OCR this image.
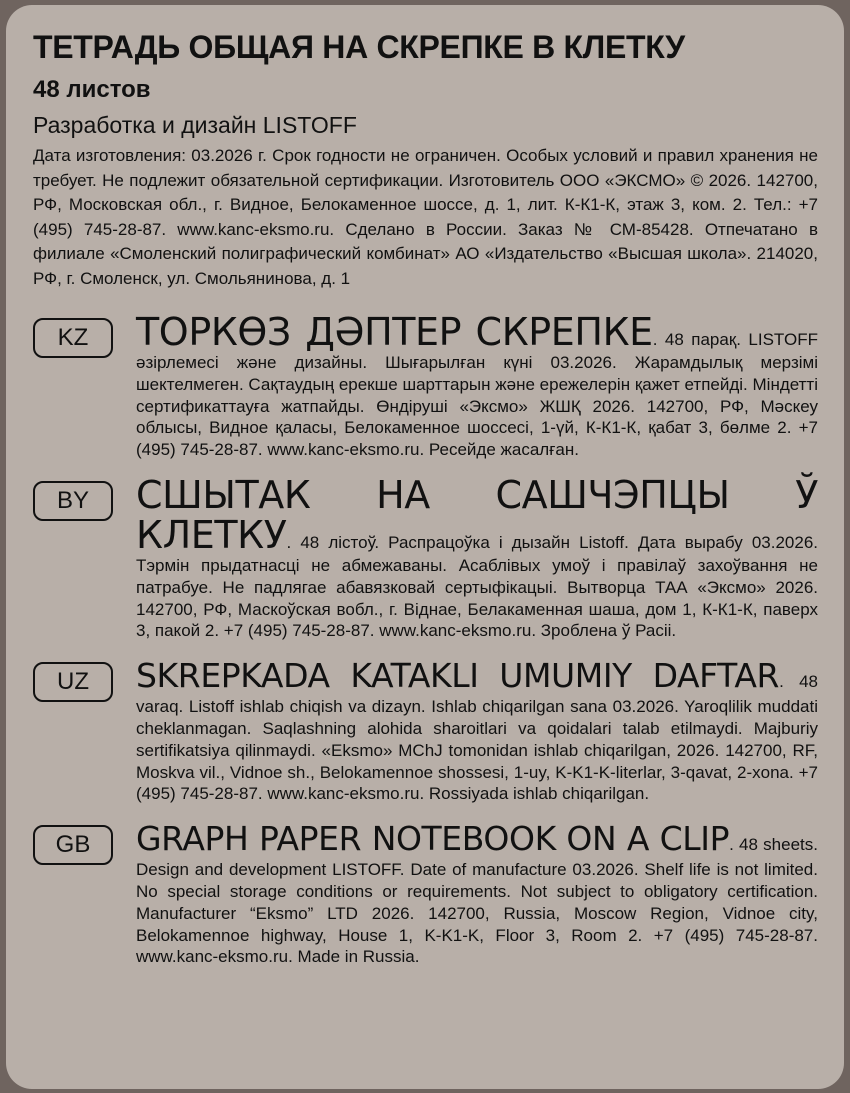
ТЕТРАДЬ ОБЩАЯ НА СКРЕПКЕ В КЛЕТКУ
48 листов
Разработка и дизайн LISTOFF
Дата изготовления: 03.2026 г. Срок годности не ограничен. Особых условий и правил хранения не требует. Не подлежит обязательной сертификации. Изготовитель ООО «ЭКСМО» © 2026. 142700, РФ, Московская обл., г. Видное, Белокаменное шоссе, д. 1, лит. К-К1-К, этаж 3, ком. 2. Тел.: +7 (495) 745-28-87. www.kanc-eksmo.ru. Сделано в России. Заказ № СМ-85428. Отпечатано в филиале «Смоленский полиграфический комбинат» АО «Издательство «Высшая школа». 214020, РФ, г. Смоленск, ул. Смольянинова, д. 1
KZ	ТОРКӨЗ ДӘПТЕР СКРЕПКЕ. 48 парақ. LISTOFF әзірлемесі және дизайны. Шығарылған күні 03.2026. Жарамдылық мерзімі шектелмеген. Сақтаудың ерекше шарттарын және ережелерін қажет етпейді. Міндетті сертификаттауға жатпайды. Өндіруші «Эксмо» ЖШҚ 2026. 142700, РФ, Мәскеу облысы, Видное қаласы, Белокаменное шоссесі, 1-үй, К-К1-К, қабат 3, бөлме 2. +7 (495) 745-28-87. www.kanc-eksmo.ru. Ресейде жасалған.
BY	СШЫТАК НА САШЧЭПЦЫ Ў КЛЕТКУ. 48 лістоў. Распрацоўка і дызайн Listoff. Дата вырабу 03.2026. Тэрмін прыдатнасці не абмежаваны. Асаблівых умоў і правілаў захоўвання не патрабуе. Не падлягае абавязковай сертыфікацыі. Вытворца ТАА «Эксмо» 2026. 142700, РФ, Маскоўская вобл., г. Віднае, Белакаменная шаша, дом 1, К-К1-К, паверх 3, пакой 2. +7 (495) 745-28-87. www.kanc-eksmo.ru. Зроблена ў Расіі.
UZ	SKREPKADA KATAKLI UMUMIY DAFTAR. 48 varaq. Listoff ishlab chiqish va dizayn. Ishlab chiqarilgan sana 03.2026. Yaroqlilik muddati cheklanmagan. Saqlashning alohida sharoitlari va qoidalari talab etilmaydi. Majburiy sertifikatsiya qilinmaydi. «Eksmo» MChJ tomonidan ishlab chiqarilgan, 2026. 142700, RF, Moskva vil., Vidnoe sh., Belokamennoe shossesi, 1-uy, K-K1-K-literlar, 3-qavat, 2-xona. +7 (495) 745-28-87. www.kanc-eksmo.ru. Rossiyada ishlab chiqarilgan.
GB	GRAPH PAPER NOTEBOOK ON A CLIP. 48 sheets. Design and development LISTOFF. Date of manufacture 03.2026. Shelf life is not limited. No special storage conditions or requirements. Not subject to obligatory certification. Manufacturer “Eksmo” LTD 2026. 142700, Russia, Moscow Region, Vidnoe city, Belokamennoe highway, House 1, K-K1-K, Floor 3, Room 2. +7 (495) 745-28-87. www.kanc-eksmo.ru. Made in Russia.
